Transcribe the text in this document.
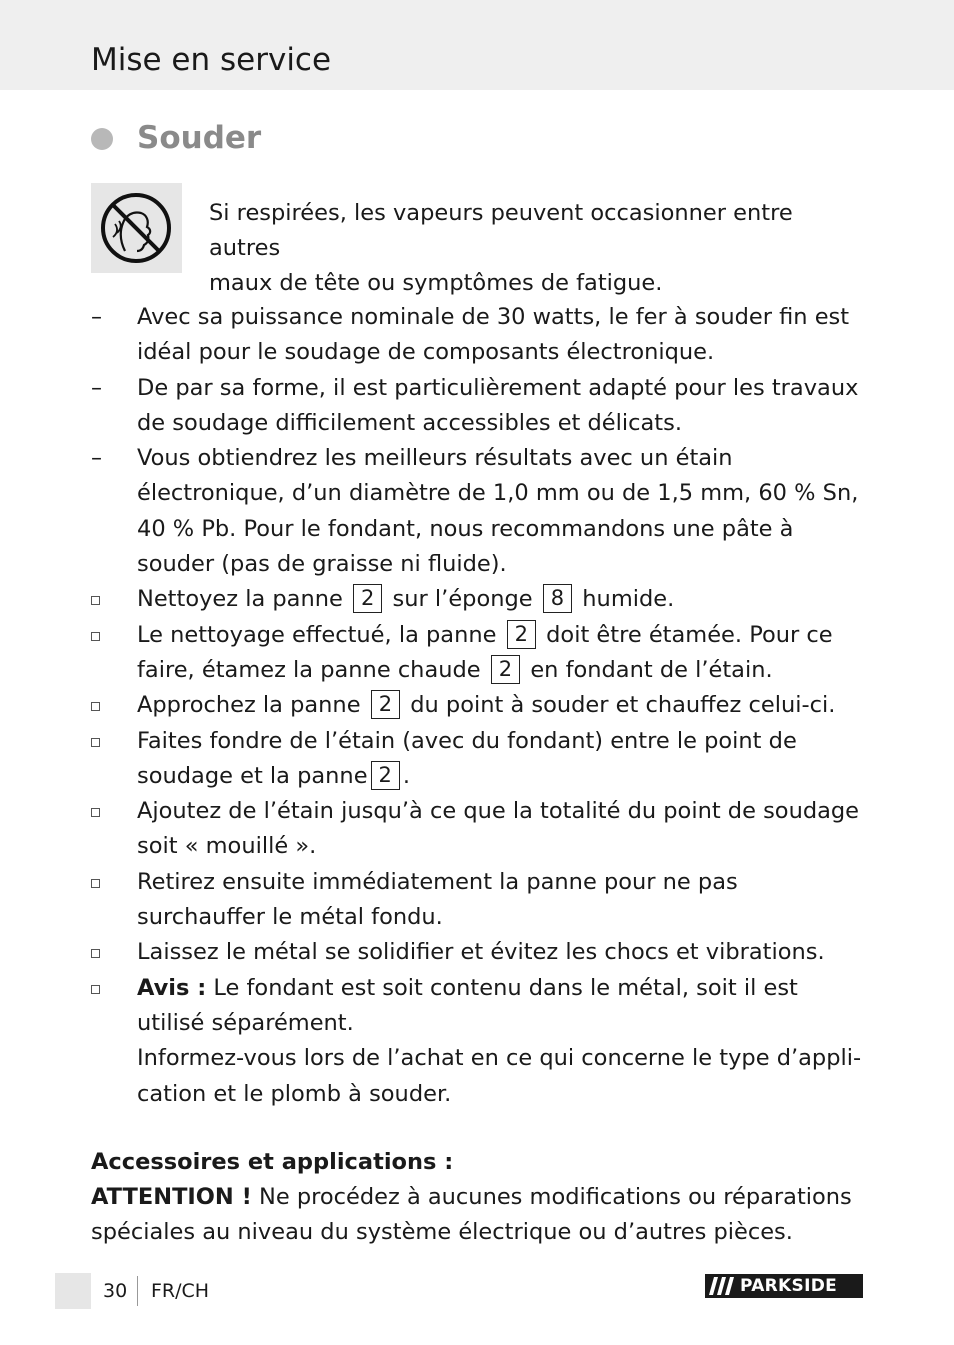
Mise en service
Souder
Si respirées, les vapeurs peuvent occasionner entre autres
maux de tête ou symptômes de fatigue.
–	Avec sa puissance nominale de 30 watts, le fer à souder fin est idéal pour le soudage de composants électronique.
–	De par sa forme, il est particulièrement adapté pour les travaux de soudage difficilement accessibles et délicats.
–	Vous obtiendrez les meilleurs résultats avec un étain électronique, d’un diamètre de 1,0 mm ou de 1,5 mm, 60 % Sn, 40 % Pb. Pour le fondant, nous recommandons une pâte à souder (pas de graisse ni fluide).
Nettoyez la panne 2 sur l’éponge 8 humide.
Le nettoyage effectué, la panne 2 doit être étamée. Pour ce faire, étamez la panne chaude 2 en fondant de l’étain.
Approchez la panne 2 du point à souder et chauffez celui-ci.
Faites fondre de l’étain (avec du fondant) entre le point de soudage et la panne 2 .
Ajoutez de l’étain jusqu’à ce que la totalité du point de soudage soit « mouillé ».
Retirez ensuite immédiatement la panne pour ne pas surchauffer le métal fondu.
Laissez le métal se solidifier et évitez les chocs et vibrations.
Avis : Le fondant est soit contenu dans le métal, soit il est utilisé séparément.
Informez-vous lors de l’achat en ce qui concerne le type d’appli-
cation et le plomb à souder.
Accessoires et applications :
ATTENTION ! Ne procédez à aucunes modifications ou réparations spéciales au niveau du système électrique ou d’autres pièces.
30 FR/CH	PARKSIDE
